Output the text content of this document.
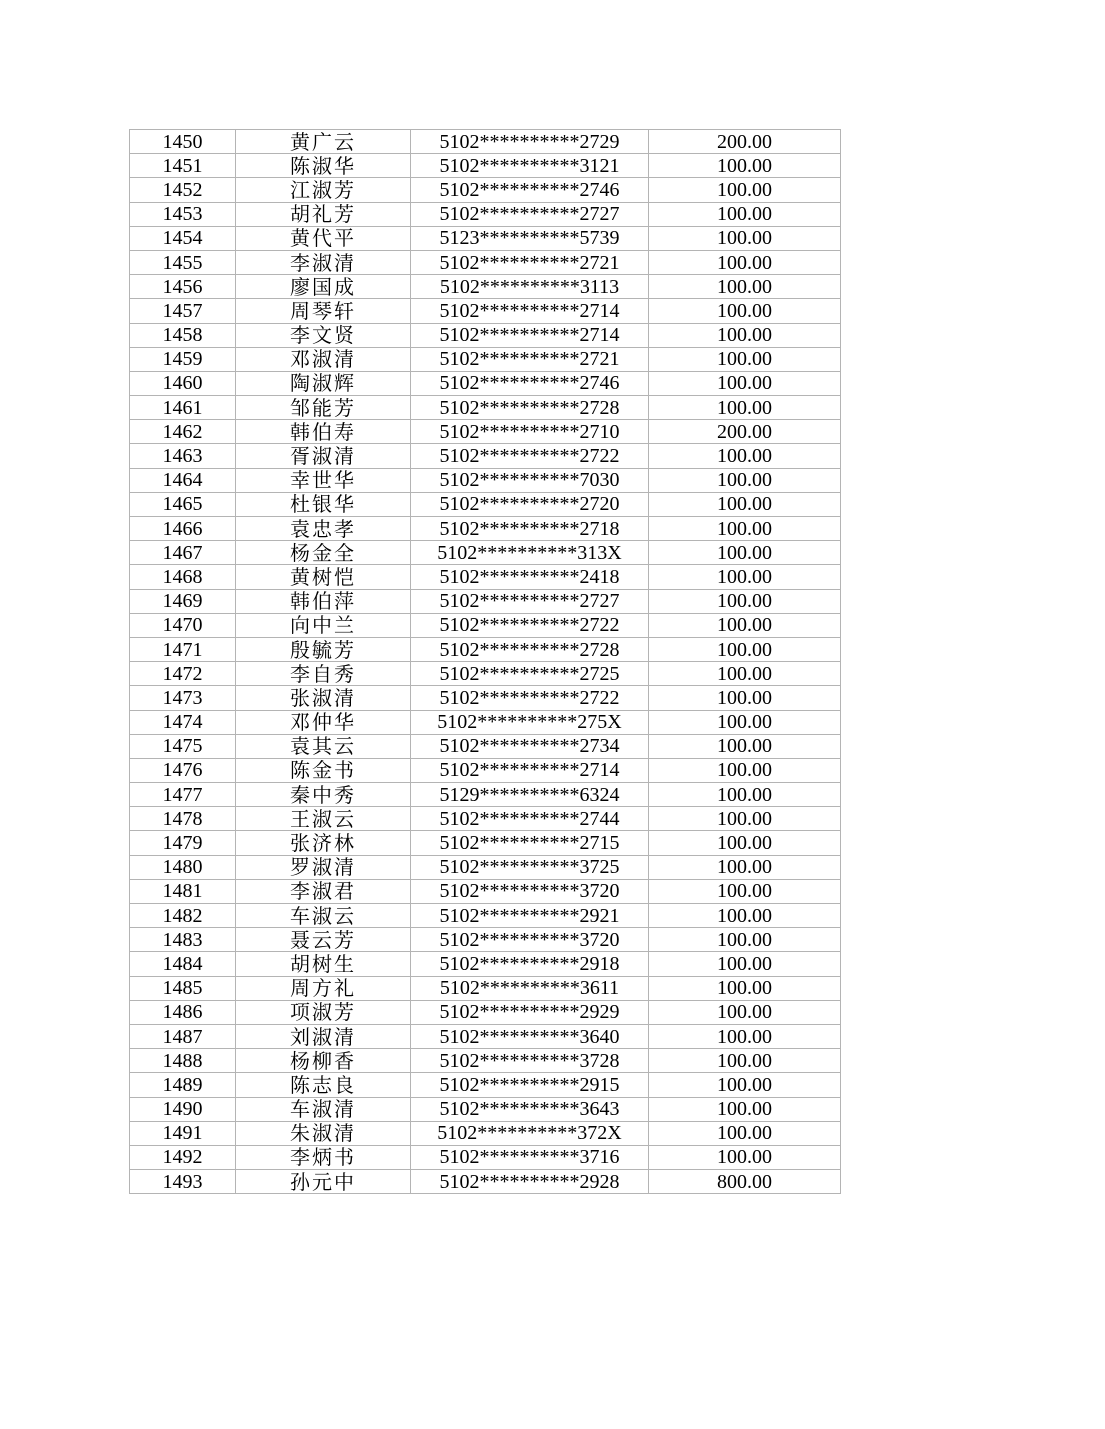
1450	黄广云	5102**********2729	200.00
1451	陈淑华	5102**********3121	100.00
1452	江淑芳	5102**********2746	100.00
1453	胡礼芳	5102**********2727	100.00
1454	黄代平	5123**********5739	100.00
1455	李淑清	5102**********2721	100.00
1456	廖国成	5102**********3113	100.00
1457	周琴轩	5102**********2714	100.00
1458	李文贤	5102**********2714	100.00
1459	邓淑清	5102**********2721	100.00
1460	陶淑辉	5102**********2746	100.00
1461	邹能芳	5102**********2728	100.00
1462	韩伯寿	5102**********2710	200.00
1463	胥淑清	5102**********2722	100.00
1464	幸世华	5102**********7030	100.00
1465	杜银华	5102**********2720	100.00
1466	袁忠孝	5102**********2718	100.00
1467	杨金全	5102**********313X	100.00
1468	黄树恺	5102**********2418	100.00
1469	韩伯萍	5102**********2727	100.00
1470	向中兰	5102**********2722	100.00
1471	殷毓芳	5102**********2728	100.00
1472	李自秀	5102**********2725	100.00
1473	张淑清	5102**********2722	100.00
1474	邓仲华	5102**********275X	100.00
1475	袁其云	5102**********2734	100.00
1476	陈金书	5102**********2714	100.00
1477	秦中秀	5129**********6324	100.00
1478	王淑云	5102**********2744	100.00
1479	张济林	5102**********2715	100.00
1480	罗淑清	5102**********3725	100.00
1481	李淑君	5102**********3720	100.00
1482	车淑云	5102**********2921	100.00
1483	聂云芳	5102**********3720	100.00
1484	胡树生	5102**********2918	100.00
1485	周方礼	5102**********3611	100.00
1486	项淑芳	5102**********2929	100.00
1487	刘淑清	5102**********3640	100.00
1488	杨柳香	5102**********3728	100.00
1489	陈志良	5102**********2915	100.00
1490	车淑清	5102**********3643	100.00
1491	朱淑清	5102**********372X	100.00
1492	李炳书	5102**********3716	100.00
1493	孙元中	5102**********2928	800.00
